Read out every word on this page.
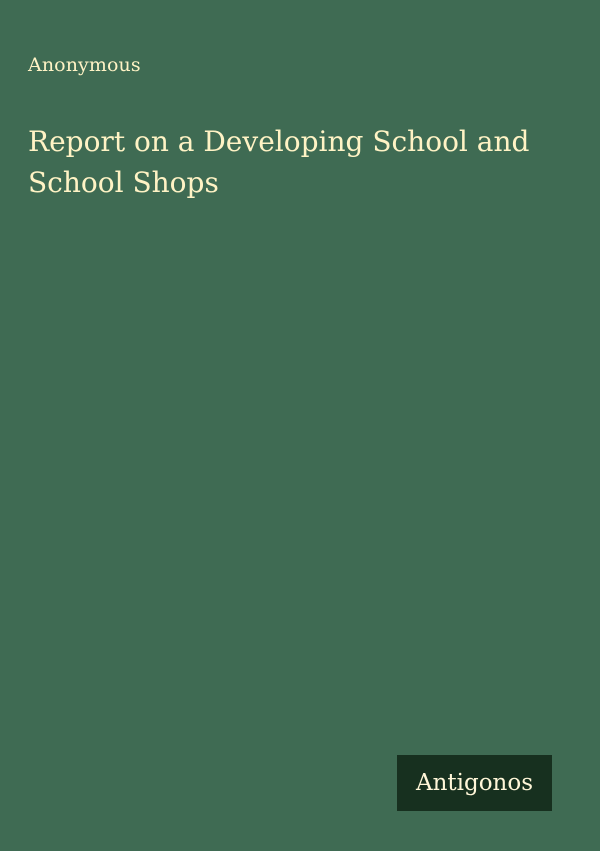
Anonymous

Report on a Developing School and School Shops
Antigonos
